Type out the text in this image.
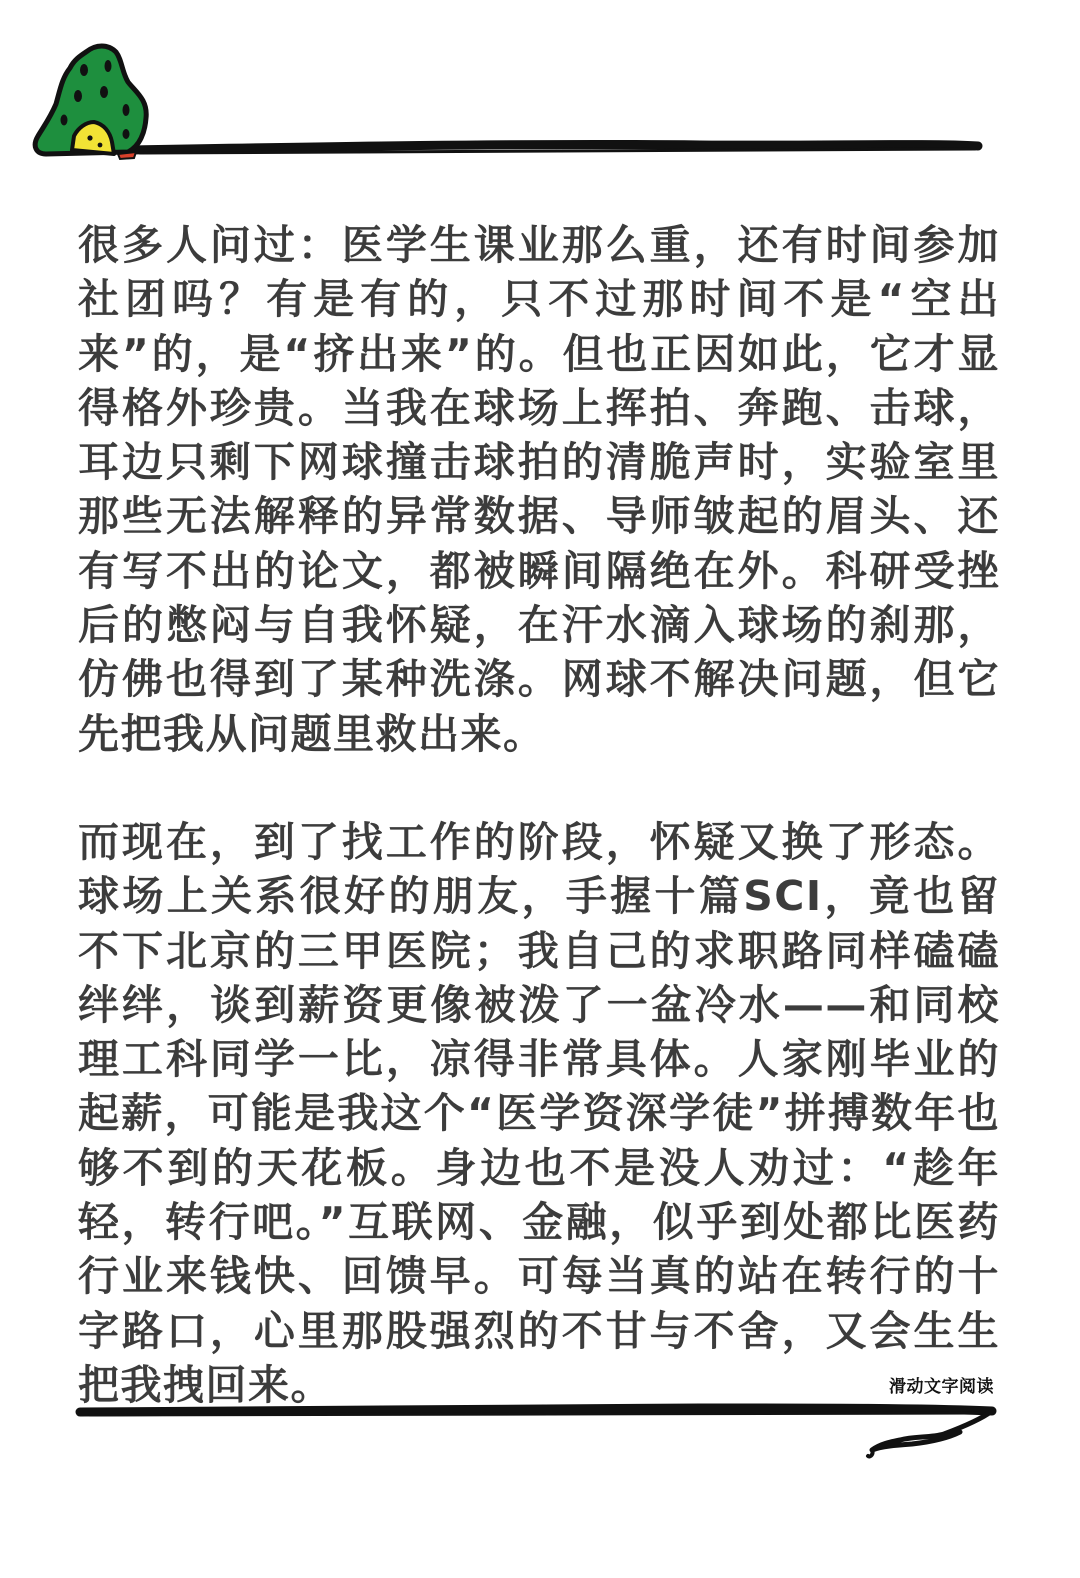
很多人问过：医学生课业那么重，还有时间参加社团吗？有是有的，只不过那时间不是“空出来”的，是“挤出来”的。但也正因如此，它才显得格外珍贵。当我在球场上挥拍、奔跑、击球，耳边只剩下网球撞击球拍的清脆声时，实验室里那些无法解释的异常数据、导师皱起的眉头、还有写不出的论文，都被瞬间隔绝在外。科研受挫后的憋闷与自我怀疑，在汗水滴入球场的刹那，仿佛也得到了某种洗涤。网球不解决问题，但它先把我从问题里救出来。

而现在，到了找工作的阶段，怀疑又换了形态。球场上关系很好的朋友，手握十篇SCI，竟也留不下北京的三甲医院；我自己的求职路同样磕磕绊绊，谈到薪资更像被泼了一盆冷水——和同校理工科同学一比，凉得非常具体。人家刚毕业的起薪，可能是我这个“医学资深学徒”拼搏数年也够不到的天花板。身边也不是没人劝过：“趁年轻，转行吧。”互联网、金融，似乎到处都比医药行业来钱快、回馈早。可每当真的站在转行的十字路口，心里那股强烈的不甘与不舍，又会生生把我拽回来。	滑动文字阅读
